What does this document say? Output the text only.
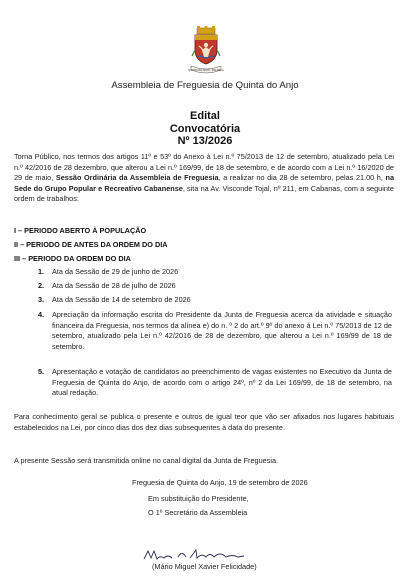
QUINTA DO ANJO · PALMELA
Assembleia de Freguesia de Quinta do Anjo
Edital
Convocatória
Nº 13/2026
Torna Público, nos termos dos artigos 11º e 53º do Anexo à Lei n.º 75/2013 de 12 de setembro, atualizado pela Lei n.º 42/2016 de 28 dezembro, que alterou a Lei n.º 169/99, de 18 de setembro, e de acordo com a Lei n.º 16/2020 de 29 de maio, Sessão Ordinária da Assembleia de Freguesia, a realizar no dia 28 de setembro, pelas 21.00 h, na Sede do Grupo Popular e Recreativo Cabanense, sita na Av. Visconde Tojal, nº 211, em Cabanas, com a seguinte ordem de trabalhos:
I – PERIODO ABERTO À POPULAÇÃO
II – PERIODO DE ANTES DA ORDEM DO DIA
III – PERIODO DA ORDEM DO DIA
1. Ata da Sessão de 29 de junho de 2026
2. Ata da Sessão de 28 de julho de 2026
3. Ata da Sessão de 14 de setembro de 2026
4. Apreciação da informação escrita do Presidente da Junta de Freguesia acerca da atividade e situação financeira da Freguesia, nos termos da alínea e) do n. º 2 do art.º 9º do anexo à Lei n.º 75/2013 de 12 de setembro, atualizado pela Lei n.º 42/2016 de 28 de dezembro, que alterou a Lei n.º 169/99 de 18 de setembro.
5. Apresentação e votação de candidatos ao preenchimento de vagas existentes no Executivo da Junta de Freguesia de Quinta do Anjo, de acordo com o artigo 24º, nº 2 da Lei 169/99, de 18 de setembro, na atual redação.
Para conhecimento geral se publica o presente e outros de igual teor que vão ser afixados nos lugares habituais estabelecidos na Lei, por cinco dias dos dez dias subsequentes à data do presente.
A presente Sessão será transmitida online no canal digital da Junta de Freguesia.
Freguesia de Quinta do Anjo, 19 de setembro de 2026
Em substituição do Presidente,
O 1º Secretário da Assembleia
Mário Felicidade
(Mário Miguel Xavier Felicidade)
